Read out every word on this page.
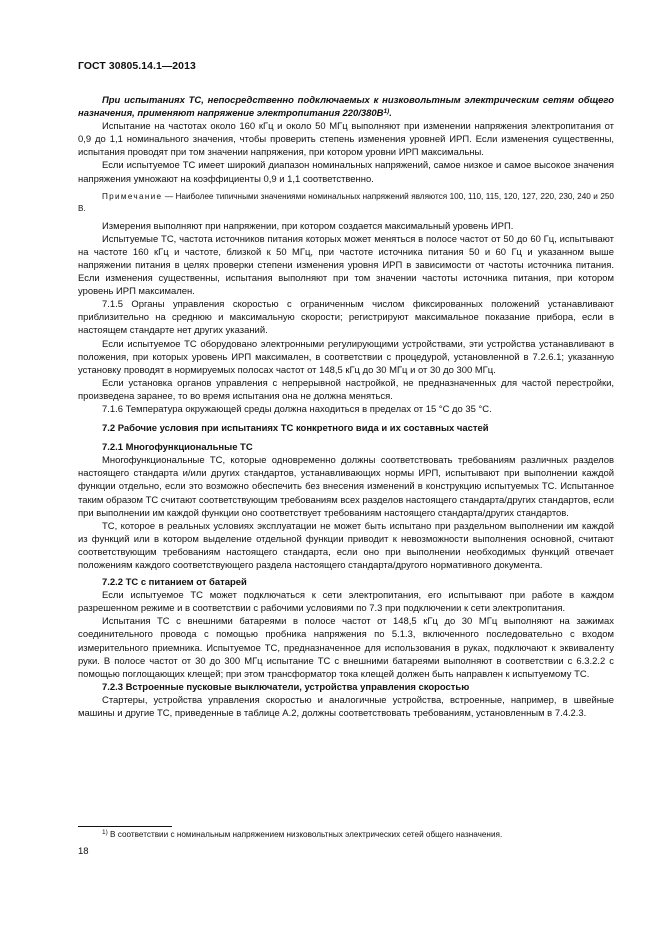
ГОСТ 30805.14.1—2013

При испытаниях ТС, непосредственно подключаемых к низковольтным электрическим сетям общего назначения, применяют напряжение электропитания $220/380В^{1)}$.

Испытание на частотах около 160 кГц и около 50 МГц выполняют при изменении напряжения электропитания от 0,9 до 1,1 номинального значения, чтобы проверить степень изменения уровней ИРП. Если изменения существенны, испытания проводят при том значении напряжения, при котором уровни ИРП максимальны.

Если испытуемое ТС имеет широкий диапазон номинальных напряжений, самое низкое и самое высокое значения напряжения умножают на коэффициенты 0,9 и 1,1 соответственно.

Примечание — Наиболее типичными значениями номинальных напряжений являются 100, 110, 115, 120, 127, 220, 230, 240 и 250 В.

Измерения выполняют при напряжении, при котором создается максимальный уровень ИРП.

Испытуемые ТС, частота источников питания которых может меняться в полосе частот от 50 до 60 Гц, испытывают на частоте 160 кГц и частоте, близкой к 50 МГц, при частоте источника питания 50 и 60 Гц и указанном выше напряжении питания в целях проверки степени изменения уровня ИРП в зависимости от частоты источника питания. Если изменения существенны, испытания выполняют при том значении частоты источника питания, при котором уровень ИРП максимален.

7.1.5 Органы управления скоростью с ограниченным числом фиксированных положений устанавливают приблизительно на среднюю и максимальную скорости; регистрируют максимальное показание прибора, если в настоящем стандарте нет других указаний.

Если испытуемое ТС оборудовано электронными регулирующими устройствами, эти устройства устанавливают в положения, при которых уровень ИРП максимален, в соответствии с процедурой, установленной в 7.2.6.1; указанную установку проводят в нормируемых полосах частот от 148,5 кГц до 30 МГц и от 30 до 300 МГц.

Если установка органов управления с непрерывной настройкой, не предназначенных для частой перестройки, произведена заранее, то во время испытания она не должна меняться.

7.1.6 Температура окружающей среды должна находиться в пределах от 15 °С до 35 °С.

7.2 Рабочие условия при испытаниях ТС конкретного вида и их составных частей
7.2.1 Многофункциональные ТС

Многофункциональные ТС, которые одновременно должны соответствовать требованиям различных разделов настоящего стандарта и/или других стандартов, устанавливающих нормы ИРП, испытывают при выполнении каждой функции отдельно, если это возможно обеспечить без внесения изменений в конструкцию испытуемых ТС. Испытанное таким образом ТС считают соответствующим требованиям всех разделов настоящего стандарта/других стандартов, если при выполнении им каждой функции оно соответствует требованиям настоящего стандарта/других стандартов.

ТС, которое в реальных условиях эксплуатации не может быть испытано при раздельном выполнении им каждой из функций или в котором выделение отдельной функции приводит к невозможности выполнения основной, считают соответствующим требованиям настоящего стандарта, если оно при выполнении необходимых функций отвечает положениям каждого соответствующего раздела настоящего стандарта/другого нормативного документа.

7.2.2 ТС с питанием от батарей

Если испытуемое ТС может подключаться к сети электропитания, его испытывают при работе в каждом разрешенном режиме и в соответствии с рабочими условиями по 7.3 при подключении к сети электропитания.

Испытания ТС с внешними батареями в полосе частот от 148,5 кГц до 30 МГц выполняют на зажимах соединительного провода с помощью пробника напряжения по 5.1.3, включенного последовательно с входом измерительного приемника. Испытуемое ТС, предназначенное для использования в руках, подключают к эквиваленту руки. В полосе частот от 30 до 300 МГц испытание ТС с внешними батареями выполняют в соответствии с 6.3.2.2 с помощью поглощающих клещей; при этом трансформатор тока клещей должен быть направлен к испытуемому ТС.

7.2.3 Встроенные пусковые выключатели, устройства управления скоростью

Стартеры, устройства управления скоростью и аналогичные устройства, встроенные, например, в швейные машины и другие ТС, приведенные в таблице А.2, должны соответствовать требованиям, установленным в 7.4.2.3.

$^{1)}$ В соответствии с номинальным напряжением низковольтных электрических сетей общего назначения.
18
